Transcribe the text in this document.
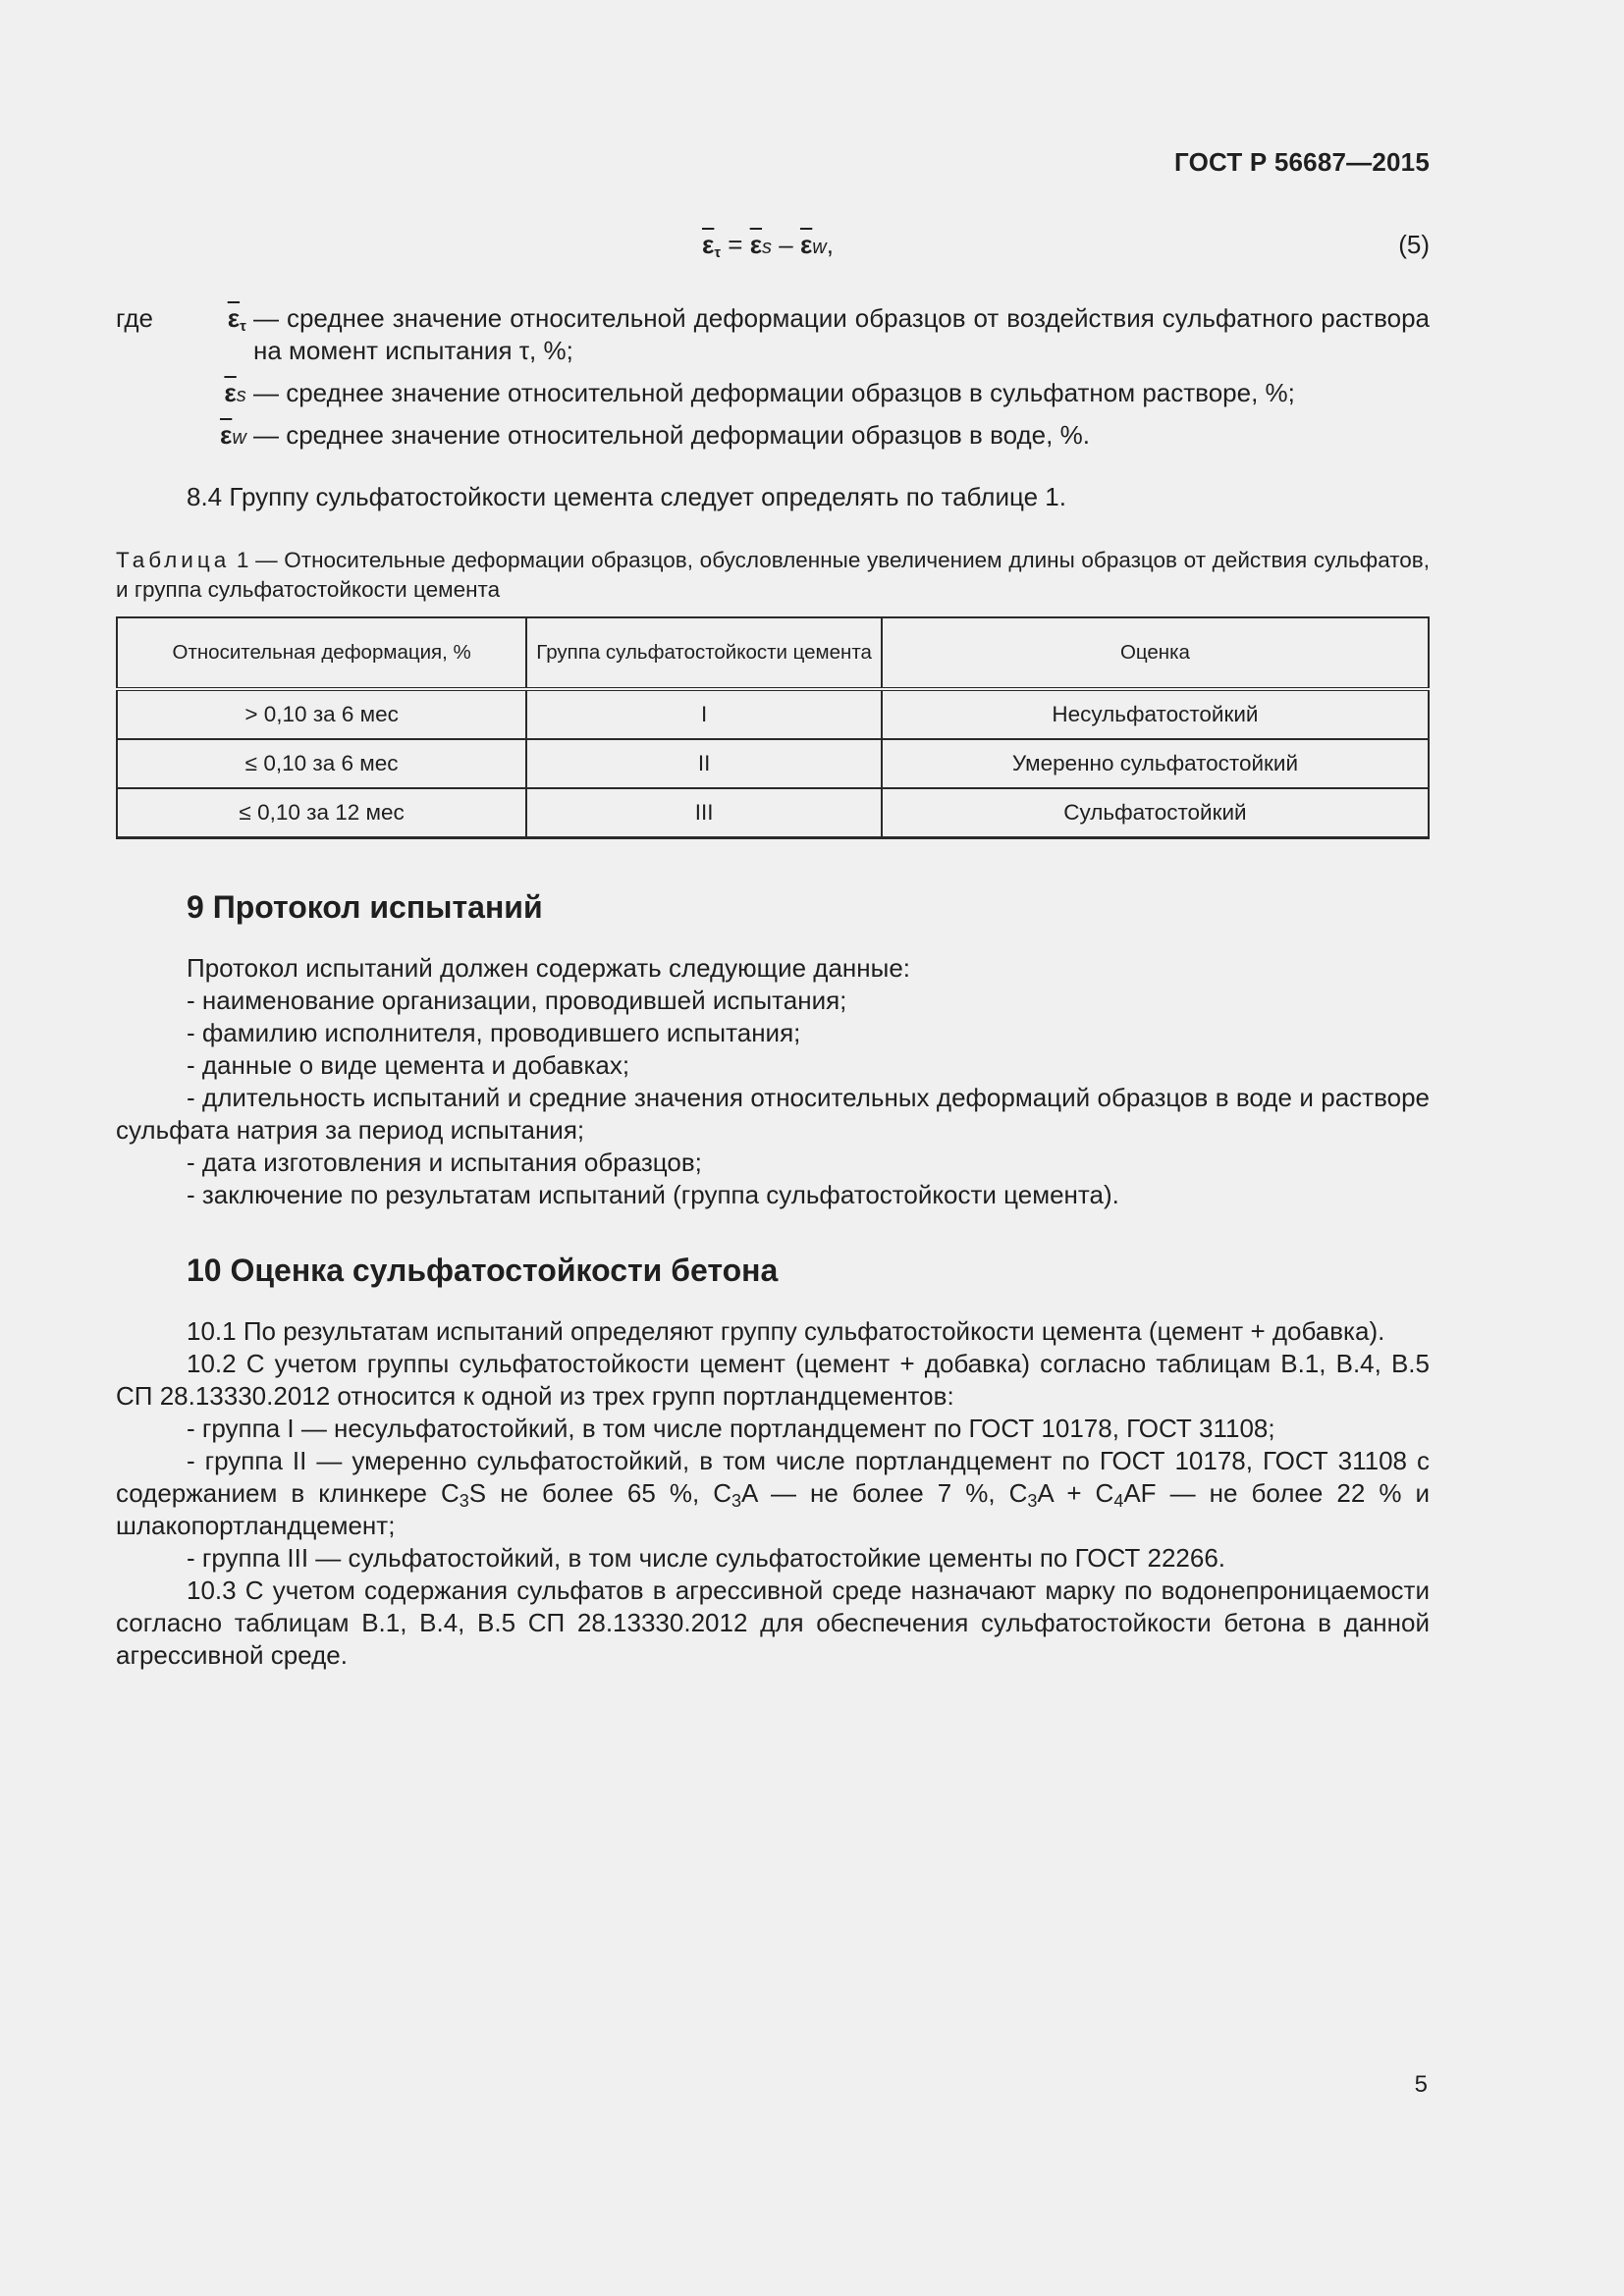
ГОСТ Р 56687—2015
$\overline{\varepsilon}\tau = \overline{\varepsilon}s - \overline{\varepsilon}w$,	(5)
где	$\overline{\varepsilon}\tau$ — среднее значение относительной деформации образцов от воздействия сульфатного раствора на момент испытания τ, %;
$\overline{\varepsilon}s$ — среднее значение относительной деформации образцов в сульфатном растворе, %;
$\overline{\varepsilon}w$ — среднее значение относительной деформации образцов в воде, %.
8.4 Группу сульфатостойкости цемента следует определять по таблице 1.
Таблица 1 — Относительные деформации образцов, обусловленные увеличением длины образцов от действия сульфатов, и группа сульфатостойкости цемента
Относительная деформация, %	Группа сульфатостойкости цемента	Оценка
> 0,10 за 6 мес	I	Несульфатостойкий
≤ 0,10 за 6 мес	II	Умеренно сульфатостойкий
≤ 0,10 за 12 мес	III	Сульфатостойкий
9 Протокол испытаний
Протокол испытаний должен содержать следующие данные:
- наименование организации, проводившей испытания;
- фамилию исполнителя, проводившего испытания;
- данные о виде цемента и добавках;
- длительность испытаний и средние значения относительных деформаций образцов в воде и растворе сульфата натрия за период испытания;
- дата изготовления и испытания образцов;
- заключение по результатам испытаний (группа сульфатостойкости цемента).
10 Оценка сульфатостойкости бетона
10.1 По результатам испытаний определяют группу сульфатостойкости цемента (цемент + добавка).
10.2 С учетом группы сульфатостойкости цемент (цемент + добавка) согласно таблицам В.1, В.4, В.5 СП 28.13330.2012 относится к одной из трех групп портландцементов:
- группа I — несульфатостойкий, в том числе портландцемент по ГОСТ 10178, ГОСТ 31108;
- группа II — умеренно сульфатостойкий, в том числе портландцемент по ГОСТ 10178, ГОСТ 31108 с содержанием в клинкере $C_3S$ не более 65 %, $C_3A$ — не более 7 %, $C_3A + C_4AF$ — не более 22 % и шлакопортландцемент;
- группа III — сульфатостойкий, в том числе сульфатостойкие цементы по ГОСТ 22266.
10.3 С учетом содержания сульфатов в агрессивной среде назначают марку по водонепроницаемости согласно таблицам В.1, В.4, В.5 СП 28.13330.2012 для обеспечения сульфатостойкости бетона в данной агрессивной среде.
5
